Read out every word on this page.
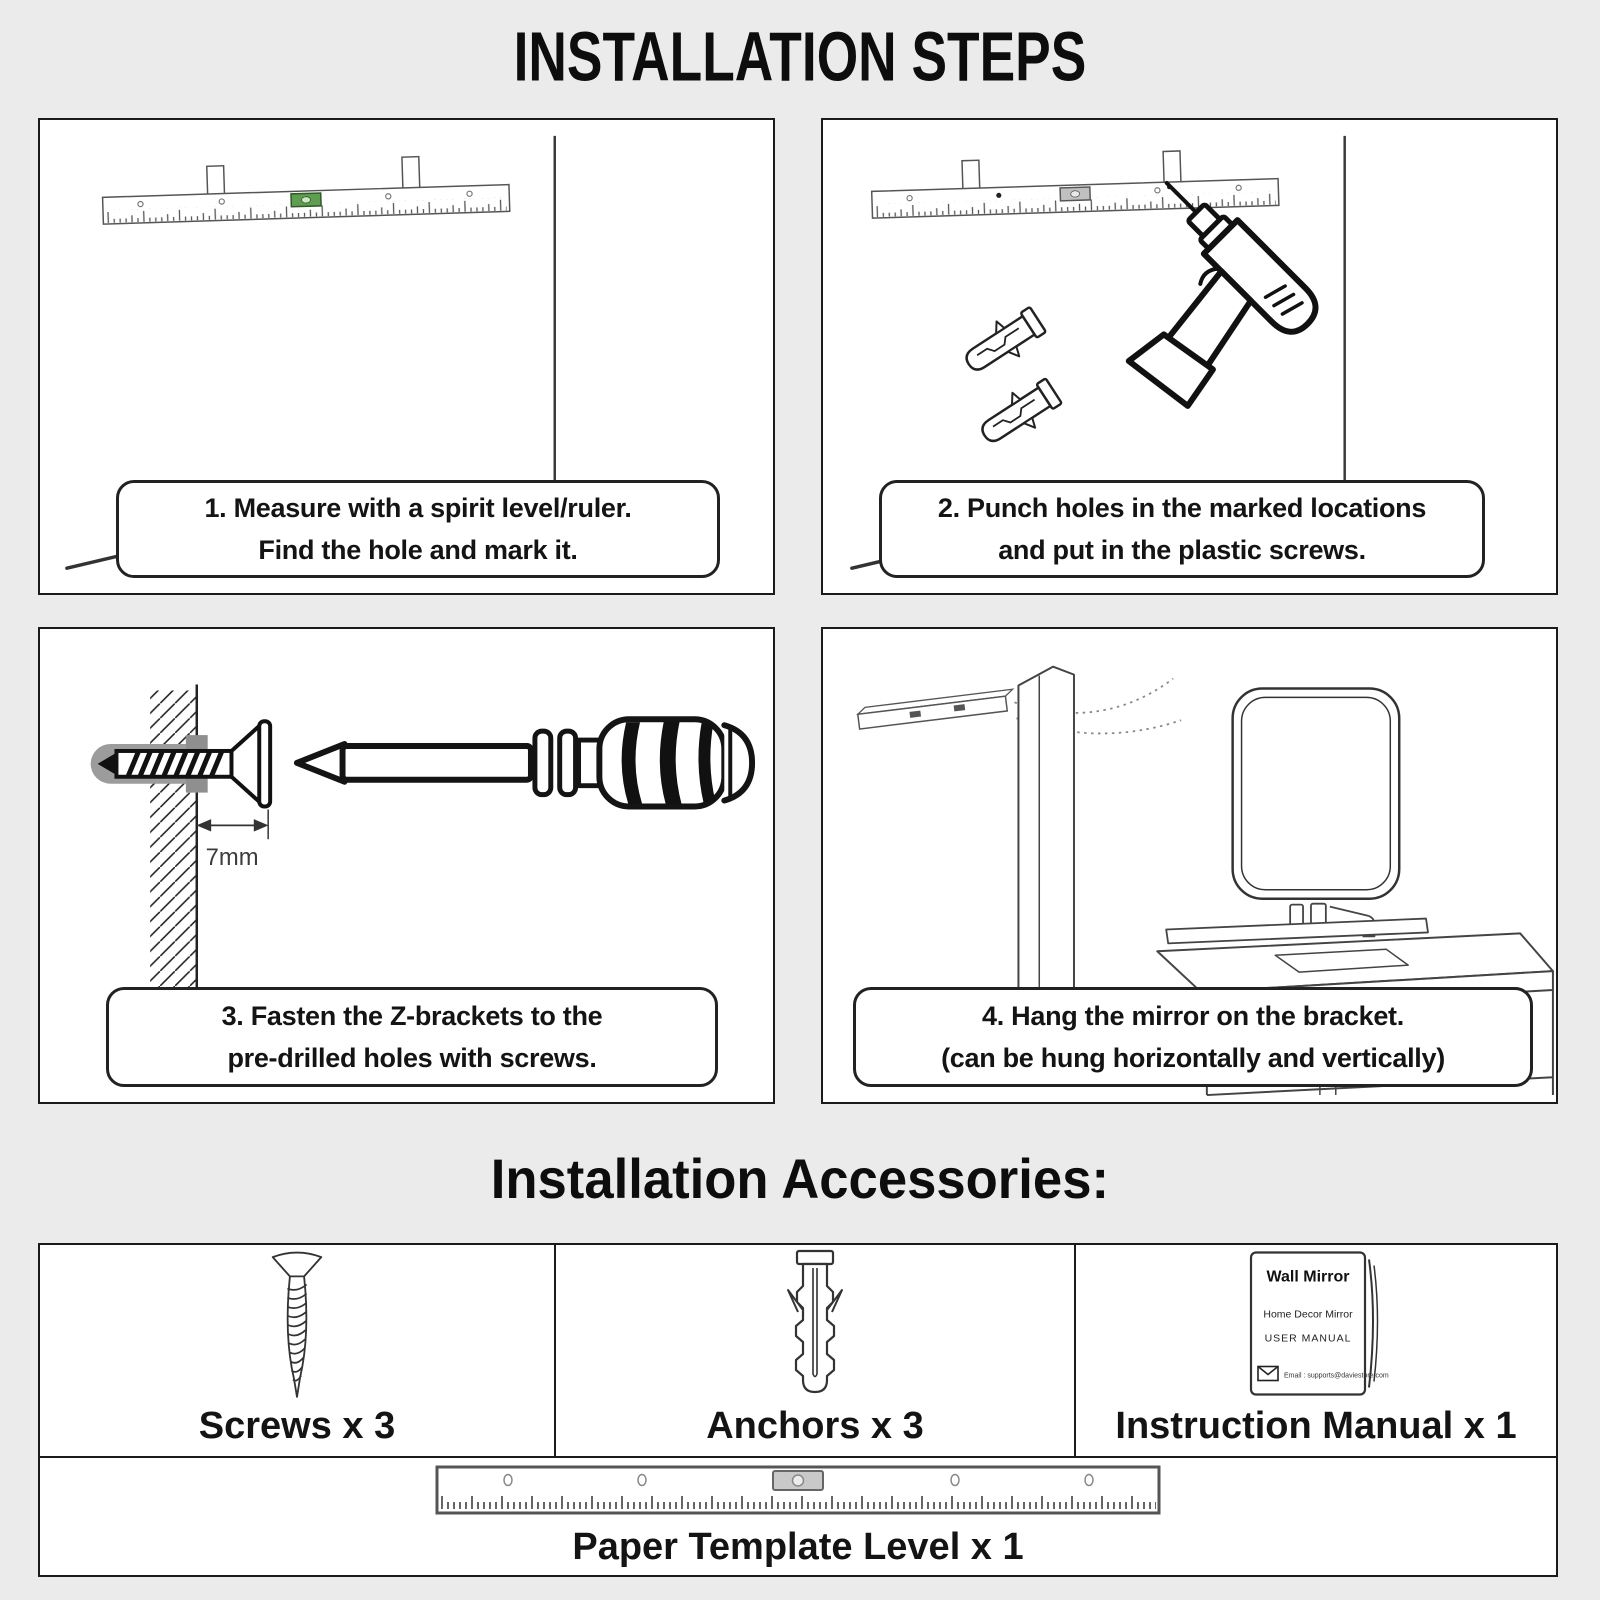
INSTALLATION STEPS
1. Measure with a spirit level/ruler.
Find the hole and mark it.
2. Punch holes in the marked locations
and put in the plastic screws.
7mm
3. Fasten the Z-brackets to the
pre-drilled holes with screws.
4. Hang the mirror on the bracket.
(can be hung horizontally and vertically)
Installation Accessories:
Screws x 3	Anchors x 3
Wall Mirror
Home Decor Mirror
USER MANUAL
Email : supports@daviestore.com
Instruction Manual x 1
Paper Template Level x 1
